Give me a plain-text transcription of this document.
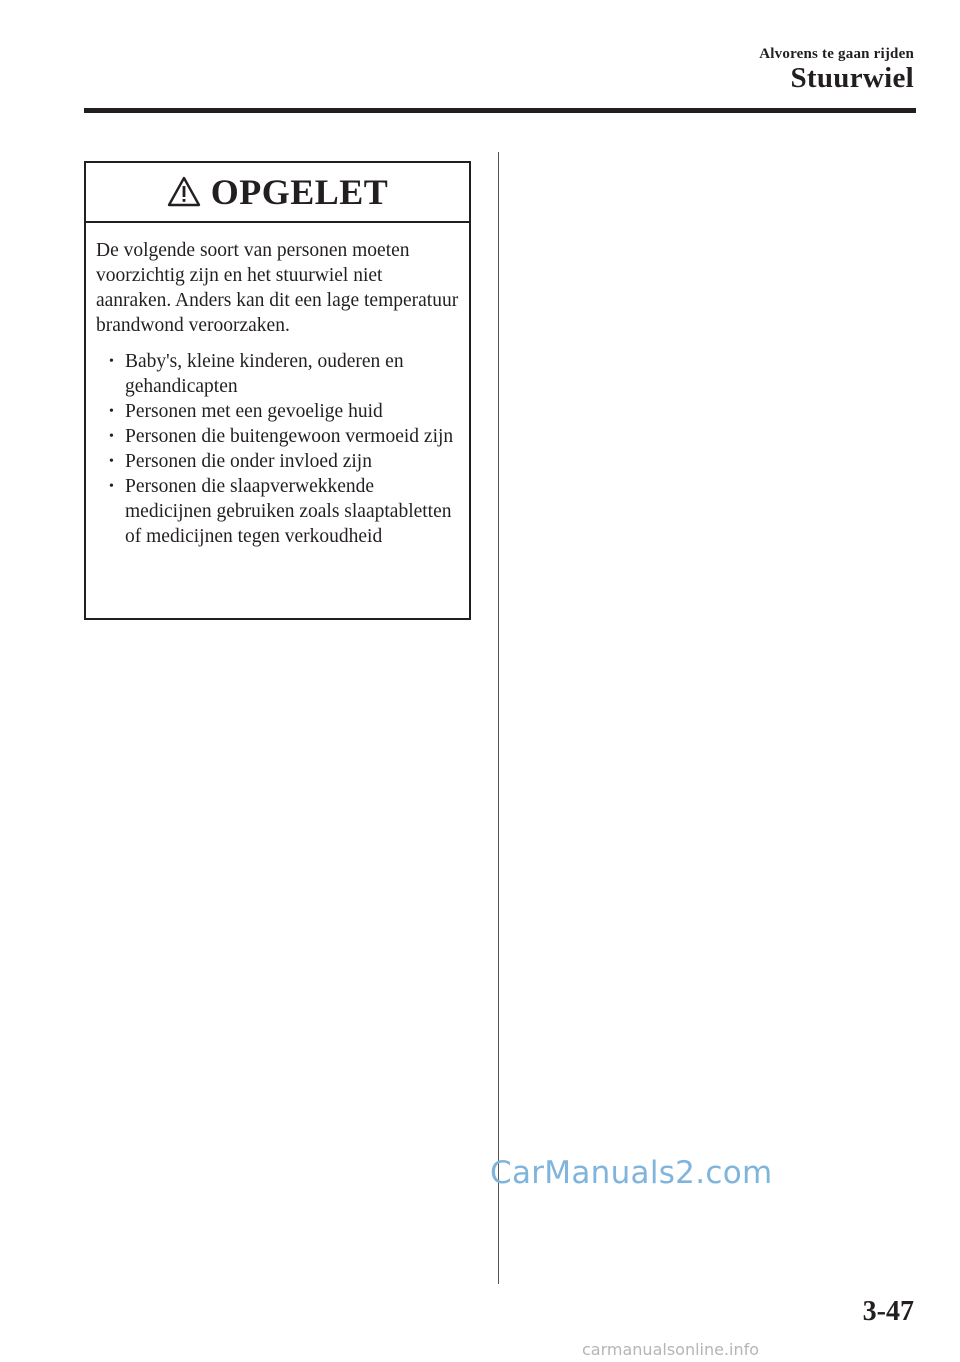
Alvorens te gaan rijden
Stuurwiel
OPGELET

De volgende soort van personen moeten voorzichtig zijn en het stuurwiel niet aanraken. Anders kan dit een lage temperatuur brandwond veroorzaken.

• Baby's, kleine kinderen, ouderen en gehandicapten
• Personen met een gevoelige huid
• Personen die buitengewoon vermoeid zijn
• Personen die onder invloed zijn
• Personen die slaapverwekkende medicijnen gebruiken zoals slaaptabletten of medicijnen tegen verkoudheid
CarManuals2.com
3-47
carmanualsonline.info
